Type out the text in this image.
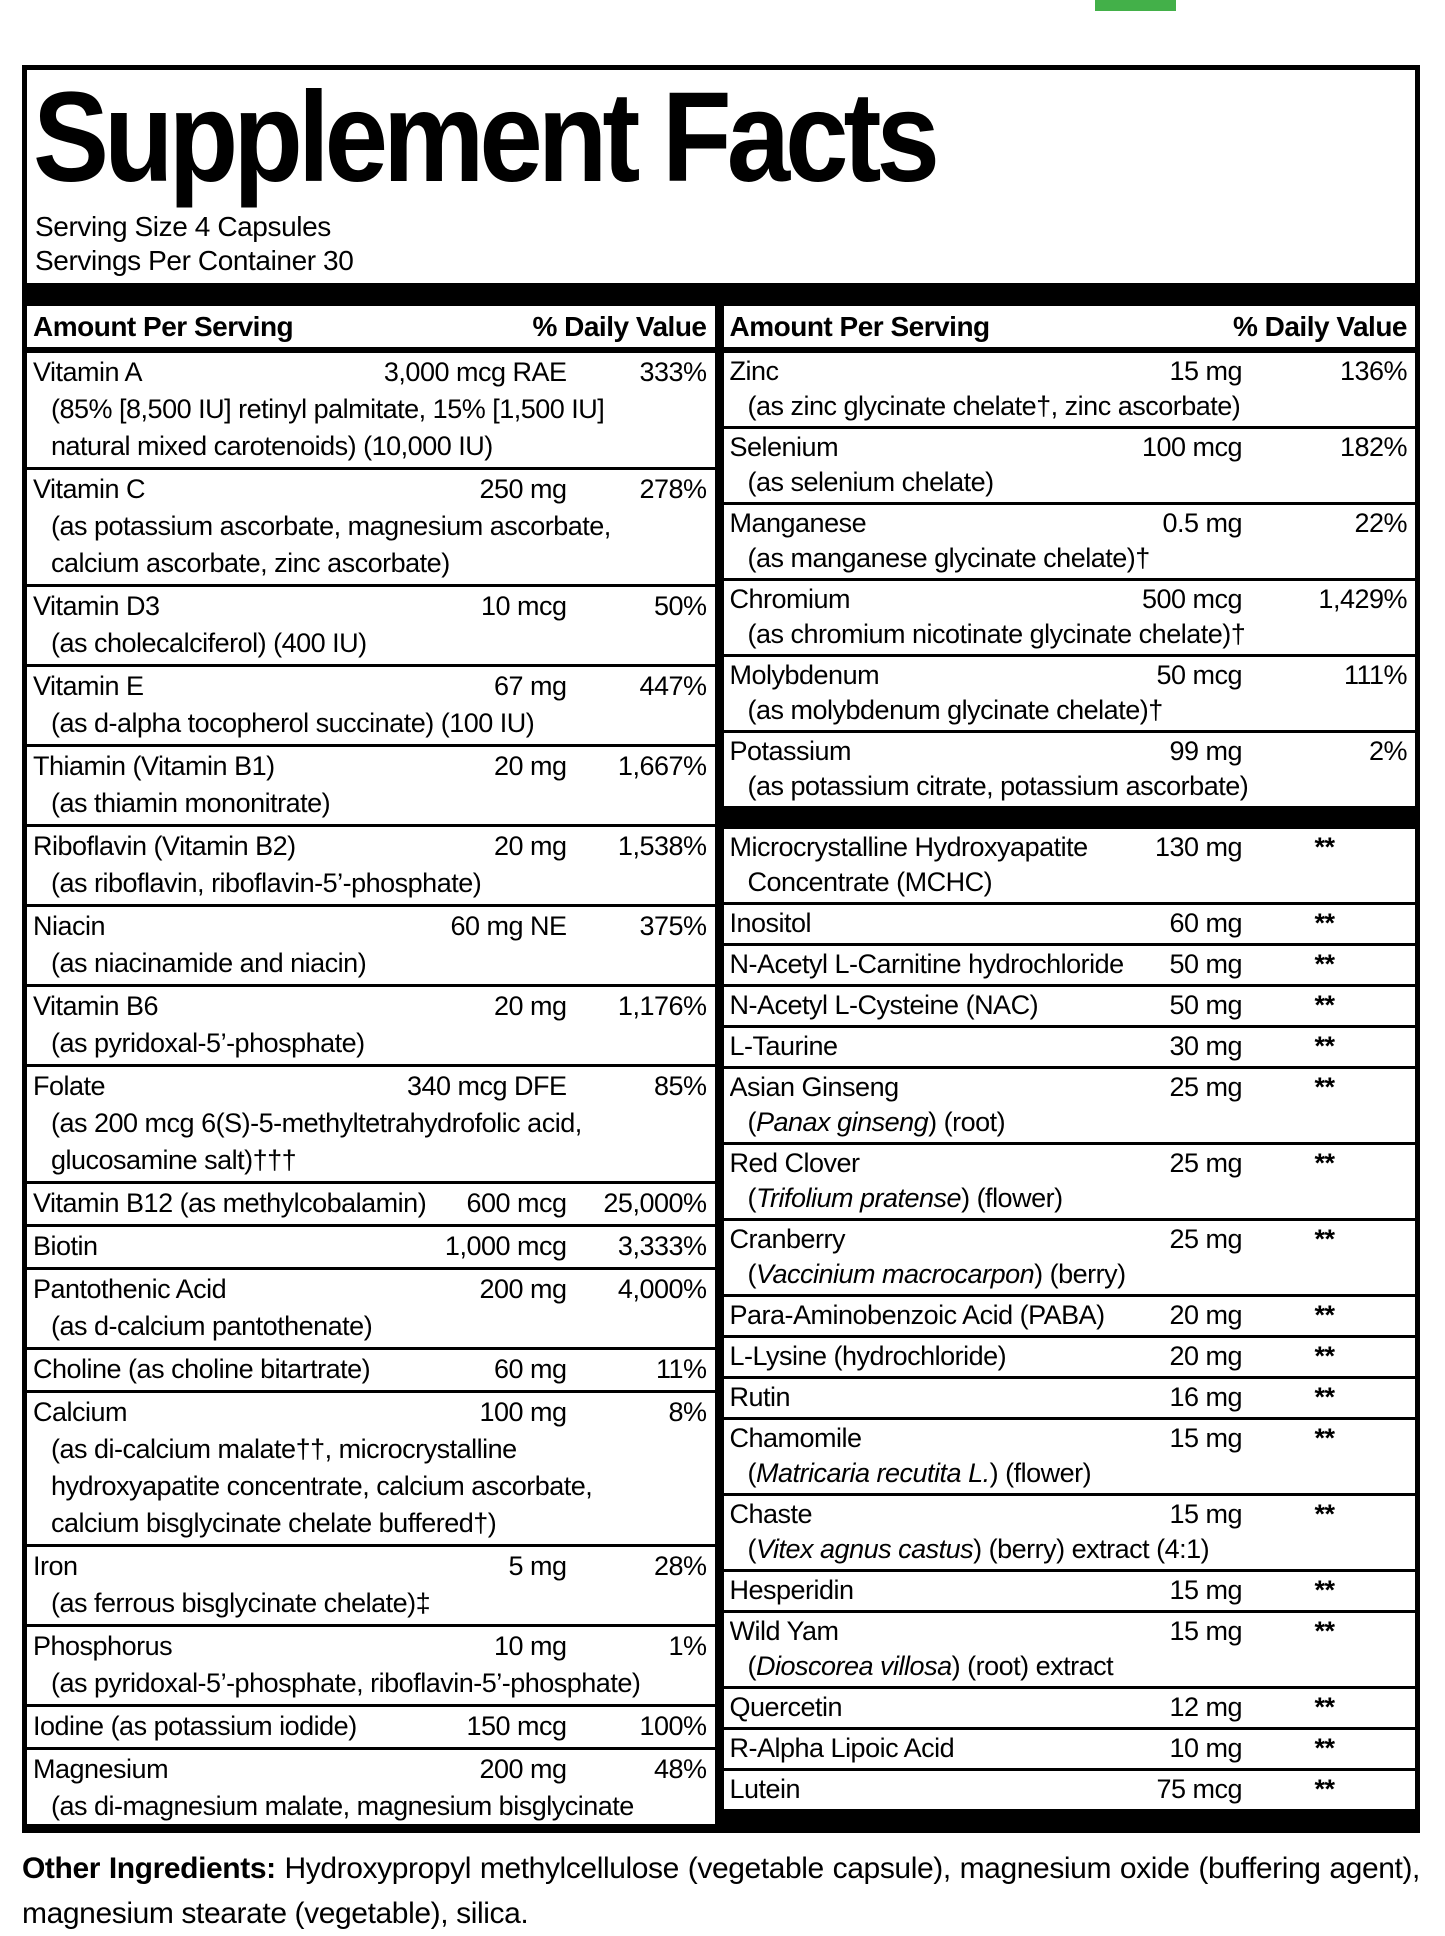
Supplement Facts
Serving Size 4 Capsules
Servings Per Container 30
Amount Per Serving	% Daily Value
Vitamin A	3,000 mcg RAE	333%
(85% [8,500 IU] retinyl palmitate, 15% [1,500 IU]
natural mixed carotenoids) (10,000 IU)
Vitamin C	250 mg	278%
(as potassium ascorbate, magnesium ascorbate,
calcium ascorbate, zinc ascorbate)
Vitamin D3	10 mcg	50%
(as cholecalciferol) (400 IU)
Vitamin E	67 mg	447%
(as d-alpha tocopherol succinate) (100 IU)
Thiamin (Vitamin B1)	20 mg	1,667%
(as thiamin mononitrate)
Riboflavin (Vitamin B2)	20 mg	1,538%
(as riboflavin, riboflavin-5’-phosphate)
Niacin	60 mg NE	375%
(as niacinamide and niacin)
Vitamin B6	20 mg	1,176%
(as pyridoxal-5’-phosphate)
Folate	340 mcg DFE	85%
(as 200 mcg 6(S)-5-methyltetrahydrofolic acid,
glucosamine salt)†††
Vitamin B12 (as methylcobalamin)	600 mcg	25,000%
Biotin	1,000 mcg	3,333%
Pantothenic Acid	200 mg	4,000%
(as d-calcium pantothenate)
Choline (as choline bitartrate)	60 mg	11%
Calcium	100 mg	8%
(as di-calcium malate††, microcrystalline
hydroxyapatite concentrate, calcium ascorbate,
calcium bisglycinate chelate buffered†)
Iron	5 mg	28%
(as ferrous bisglycinate chelate)‡
Phosphorus	10 mg	1%
(as pyridoxal-5’-phosphate, riboflavin-5’-phosphate)
Iodine (as potassium iodide)	150 mcg	100%
Magnesium	200 mg	48%
(as di-magnesium malate, magnesium bisglycinate
Amount Per Serving	% Daily Value
Zinc	15 mg	136%
(as zinc glycinate chelate†, zinc ascorbate)
Selenium	100 mcg	182%
(as selenium chelate)
Manganese	0.5 mg	22%
(as manganese glycinate chelate)†
Chromium	500 mcg	1,429%
(as chromium nicotinate glycinate chelate)†
Molybdenum	50 mcg	111%
(as molybdenum glycinate chelate)†
Potassium	99 mg	2%
(as potassium citrate, potassium ascorbate)
Microcrystalline Hydroxyapatite	130 mg	**
Concentrate (MCHC)
Inositol	60 mg	**
N-Acetyl L-Carnitine hydrochloride	50 mg	**
N-Acetyl L-Cysteine (NAC)	50 mg	**
L-Taurine	30 mg	**
Asian Ginseng	25 mg	**
(Panax ginseng) (root)
Red Clover	25 mg	**
(Trifolium pratense) (flower)
Cranberry	25 mg	**
(Vaccinium macrocarpon) (berry)
Para-Aminobenzoic Acid (PABA)	20 mg	**
L-Lysine (hydrochloride)	20 mg	**
Rutin	16 mg	**
Chamomile	15 mg	**
(Matricaria recutita L.) (flower)
Chaste	15 mg	**
(Vitex agnus castus) (berry) extract (4:1)
Hesperidin	15 mg	**
Wild Yam	15 mg	**
(Dioscorea villosa) (root) extract
Quercetin	12 mg	**
R-Alpha Lipoic Acid	10 mg	**
Lutein	75 mcg	**
Other Ingredients: Hydroxypropyl methylcellulose (vegetable capsule), magnesium oxide (buffering agent), magnesium stearate (vegetable), silica.
